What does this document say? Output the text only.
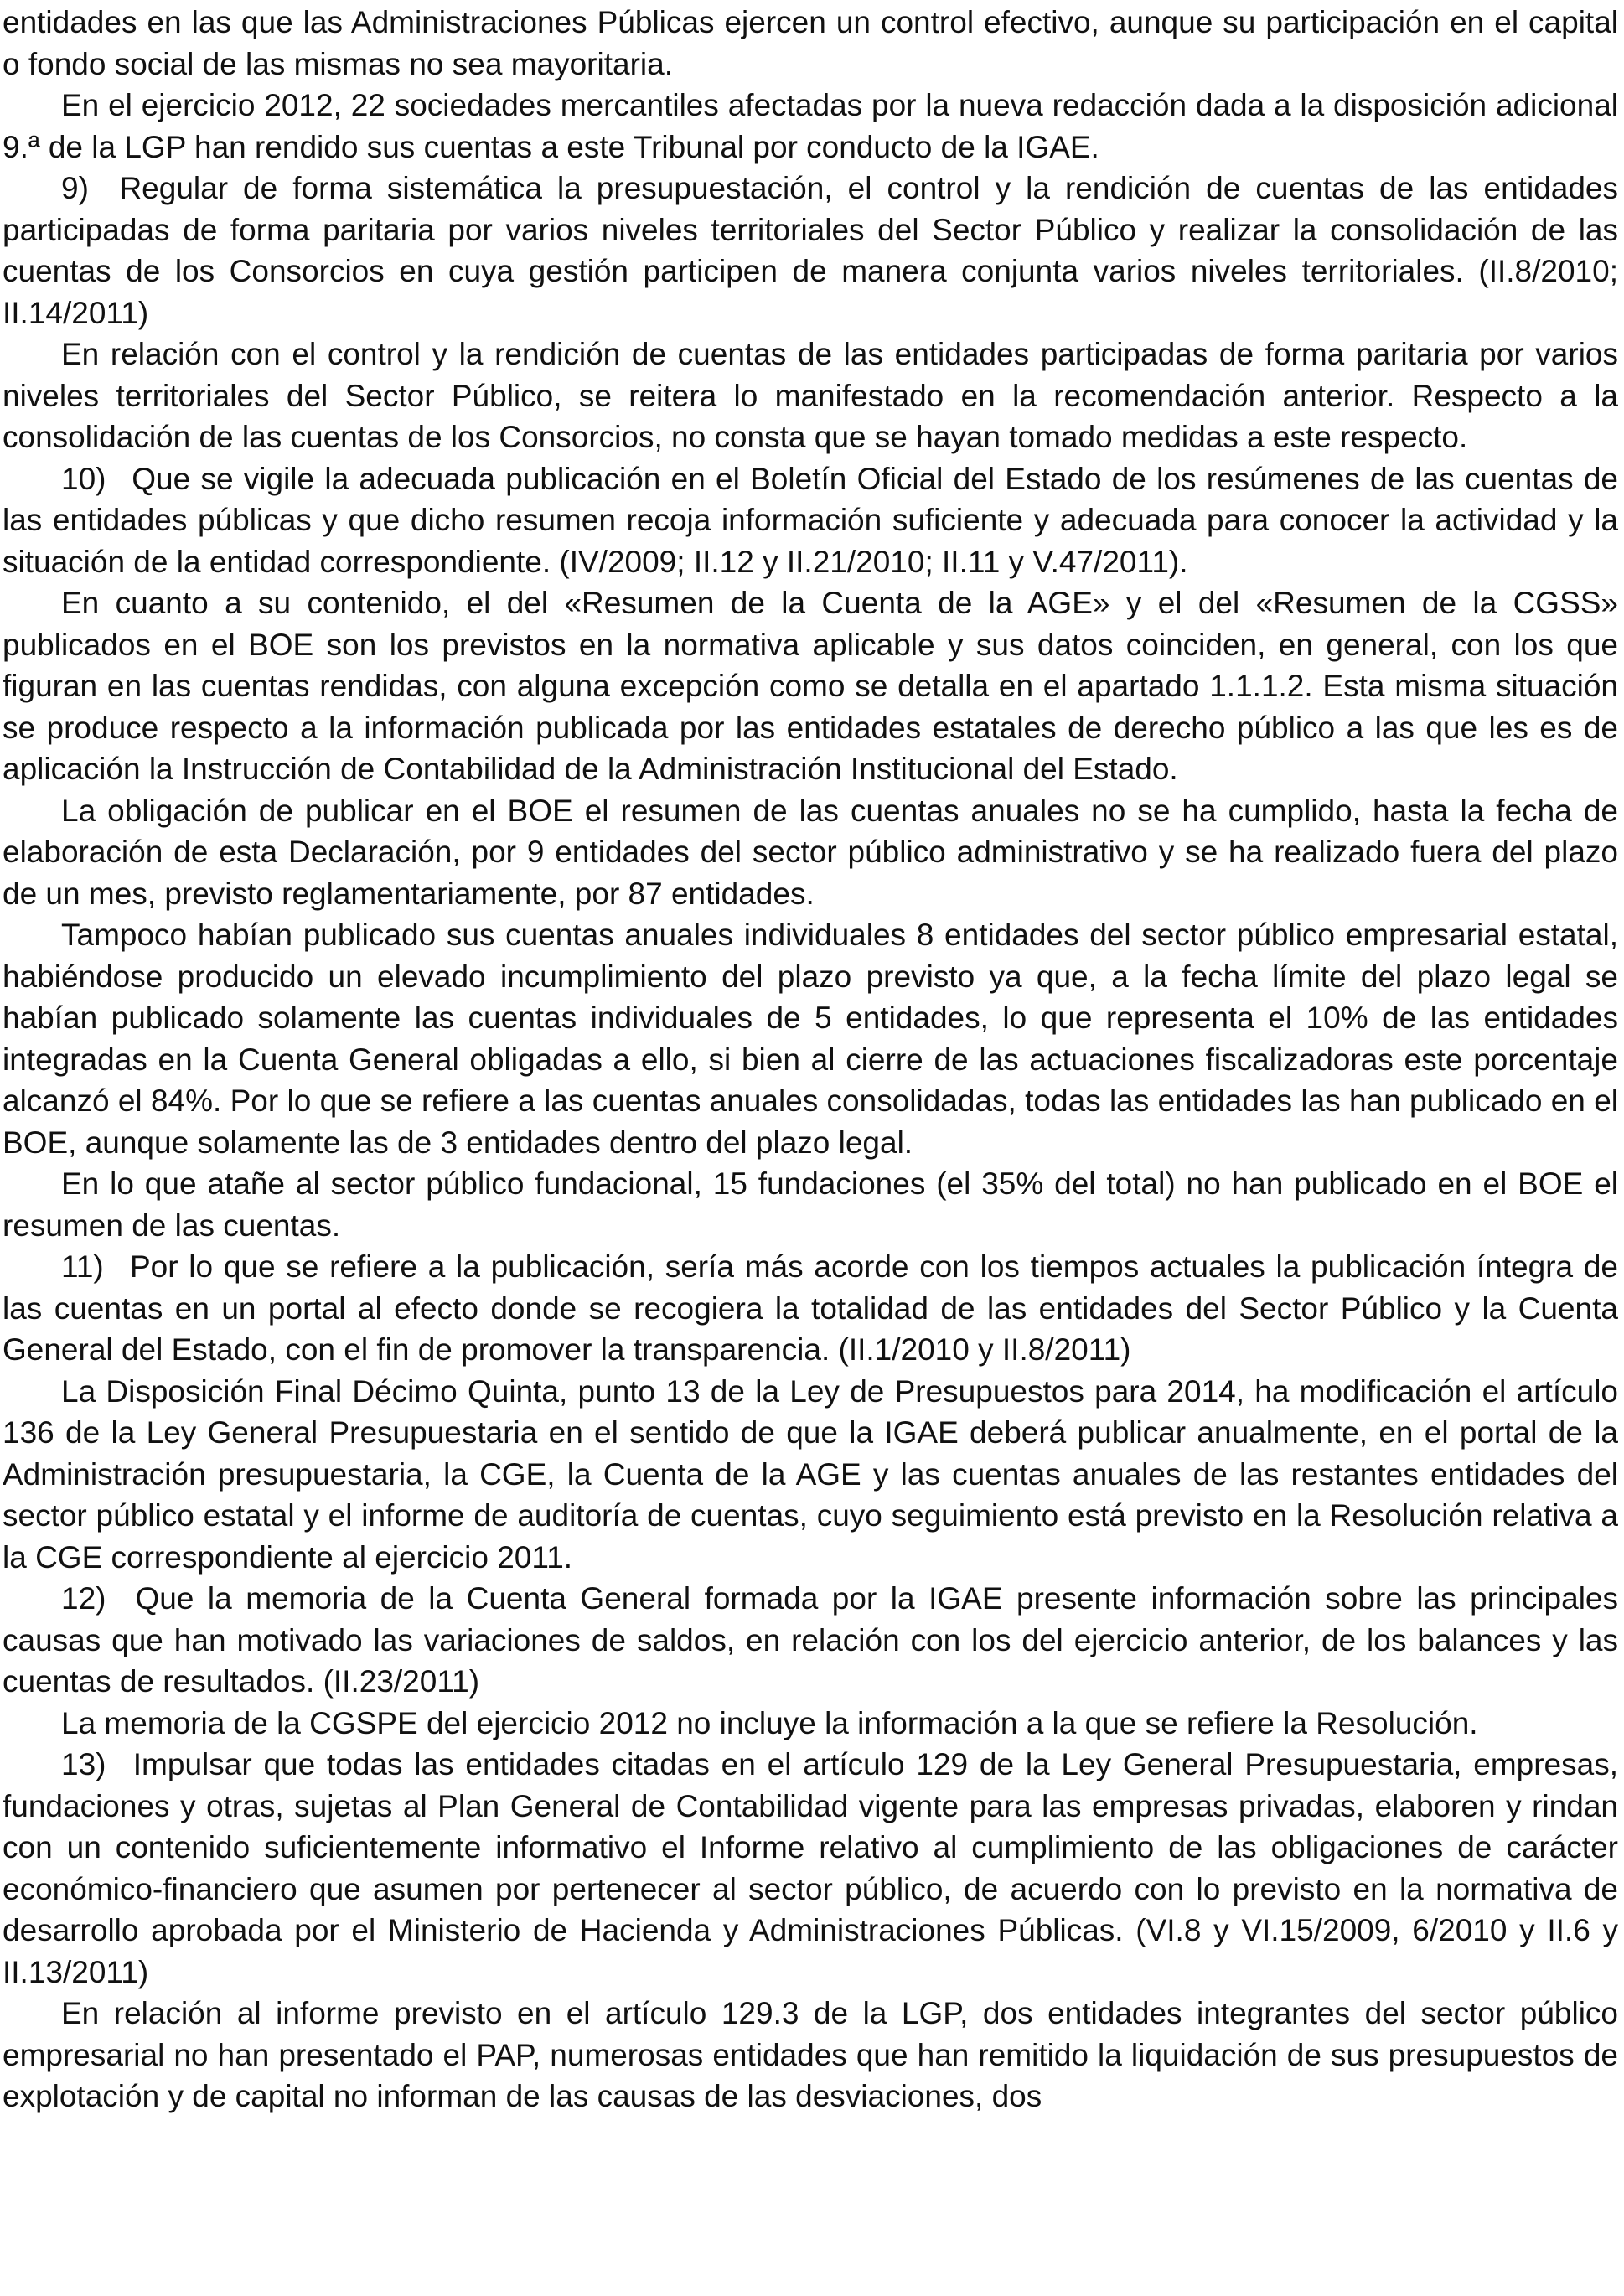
entidades en las que las Administraciones Públicas ejercen un control efectivo, aunque su participación en el capital o fondo social de las mismas no sea mayoritaria.

En el ejercicio 2012, 22 sociedades mercantiles afectadas por la nueva redacción dada a la disposición adicional 9.ª de la LGP han rendido sus cuentas a este Tribunal por conducto de la IGAE.

9)  Regular de forma sistemática la presupuestación, el control y la rendición de cuentas de las entidades participadas de forma paritaria por varios niveles territoriales del Sector Público y realizar la consolidación de las cuentas de los Consorcios en cuya gestión participen de manera conjunta varios niveles territoriales. (II.8/2010; II.14/2011)

En relación con el control y la rendición de cuentas de las entidades participadas de forma paritaria por varios niveles territoriales del Sector Público, se reitera lo manifestado en la recomendación anterior. Respecto a la consolidación de las cuentas de los Consorcios, no consta que se hayan tomado medidas a este respecto.

10)  Que se vigile la adecuada publicación en el Boletín Oficial del Estado de los resúmenes de las cuentas de las entidades públicas y que dicho resumen recoja información suficiente y adecuada para conocer la actividad y la situación de la entidad correspondiente. (IV/2009; II.12 y II.21/2010; II.11 y V.47/2011).

En cuanto a su contenido, el del «Resumen de la Cuenta de la AGE» y el del «Resumen de la CGSS» publicados en el BOE son los previstos en la normativa aplicable y sus datos coinciden, en general, con los que figuran en las cuentas rendidas, con alguna excepción como se detalla en el apartado 1.1.1.2. Esta misma situación se produce respecto a la información publicada por las entidades estatales de derecho público a las que les es de aplicación la Instrucción de Contabilidad de la Administración Institucional del Estado.

La obligación de publicar en el BOE el resumen de las cuentas anuales no se ha cumplido, hasta la fecha de elaboración de esta Declaración, por 9 entidades del sector público administrativo y se ha realizado fuera del plazo de un mes, previsto reglamentariamente, por 87 entidades.

Tampoco habían publicado sus cuentas anuales individuales 8 entidades del sector público empresarial estatal, habiéndose producido un elevado incumplimiento del plazo previsto ya que, a la fecha límite del plazo legal se habían publicado solamente las cuentas individuales de 5 entidades, lo que representa el 10% de las entidades integradas en la Cuenta General obligadas a ello, si bien al cierre de las actuaciones fiscalizadoras este porcentaje alcanzó el 84%. Por lo que se refiere a las cuentas anuales consolidadas, todas las entidades las han publicado en el BOE, aunque solamente las de 3 entidades dentro del plazo legal.

En lo que atañe al sector público fundacional, 15 fundaciones (el 35% del total) no han publicado en el BOE el resumen de las cuentas.

11)  Por lo que se refiere a la publicación, sería más acorde con los tiempos actuales la publicación íntegra de las cuentas en un portal al efecto donde se recogiera la totalidad de las entidades del Sector Público y la Cuenta General del Estado, con el fin de promover la transparencia. (II.1/2010 y II.8/2011)

La Disposición Final Décimo Quinta, punto 13 de la Ley de Presupuestos para 2014, ha modificación el artículo 136 de la Ley General Presupuestaria en el sentido de que la IGAE deberá publicar anualmente, en el portal de la Administración presupuestaria, la CGE, la Cuenta de la AGE y las cuentas anuales de las restantes entidades del sector público estatal y el informe de auditoría de cuentas, cuyo seguimiento está previsto en la Resolución relativa a la CGE correspondiente al ejercicio 2011.

12)  Que la memoria de la Cuenta General formada por la IGAE presente información sobre las principales causas que han motivado las variaciones de saldos, en relación con los del ejercicio anterior, de los balances y las cuentas de resultados. (II.23/2011)

La memoria de la CGSPE del ejercicio 2012 no incluye la información a la que se refiere la Resolución.

13)  Impulsar que todas las entidades citadas en el artículo 129 de la Ley General Presupuestaria, empresas, fundaciones y otras, sujetas al Plan General de Contabilidad vigente para las empresas privadas, elaboren y rindan con un contenido suficientemente informativo el Informe relativo al cumplimiento de las obligaciones de carácter económico-financiero que asumen por pertenecer al sector público, de acuerdo con lo previsto en la normativa de desarrollo aprobada por el Ministerio de Hacienda y Administraciones Públicas. (VI.8 y VI.15/2009, 6/2010 y II.6 y II.13/2011)

En relación al informe previsto en el artículo 129.3 de la LGP, dos entidades integrantes del sector público empresarial no han presentado el PAP, numerosas entidades que han remitido la liquidación de sus presupuestos de explotación y de capital no informan de las causas de las desviaciones, dos
